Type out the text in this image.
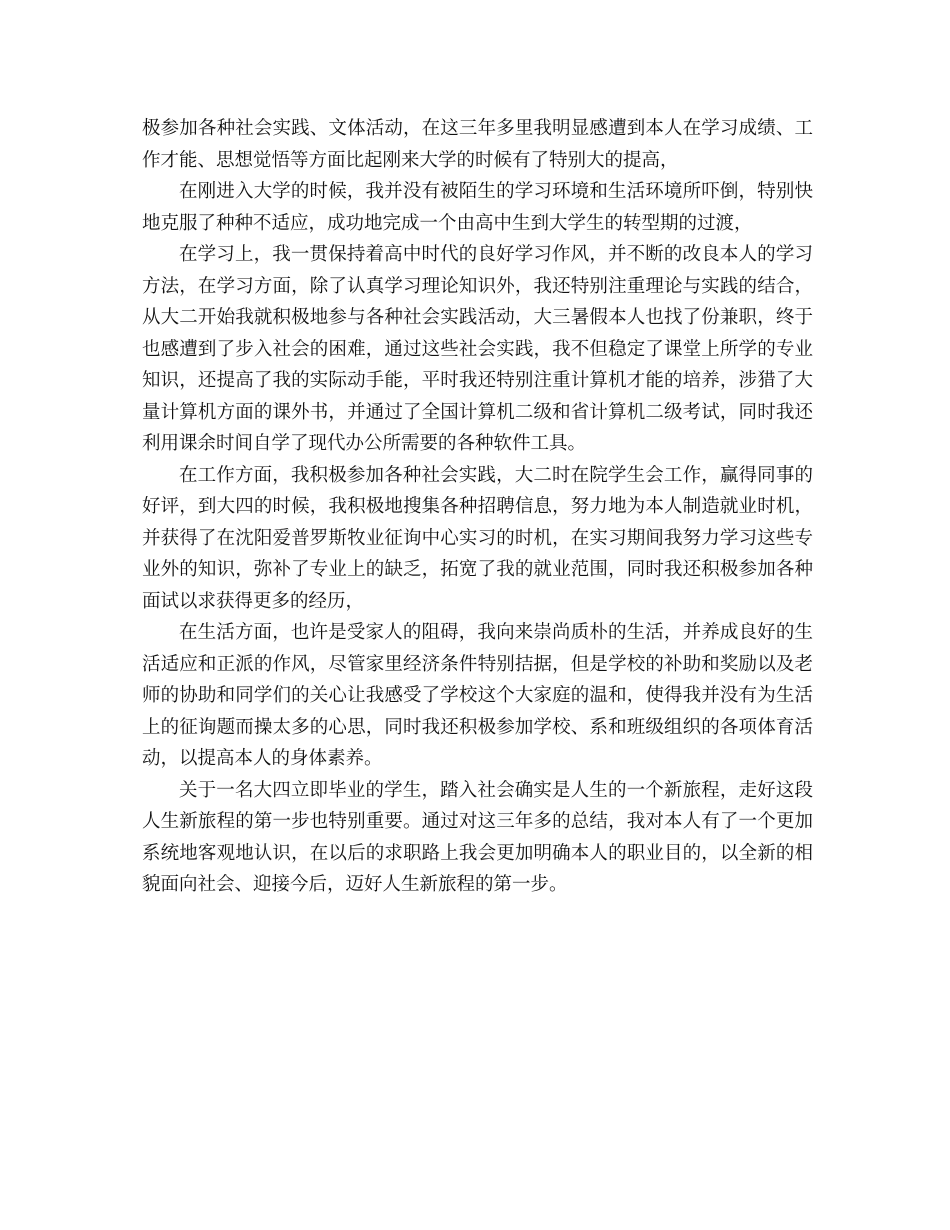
极参加各种社会实践、文体活动，在这三年多里我明显感遭到本人在学习成绩、工作才能、思想觉悟等方面比起刚来大学的时候有了特别大的提高，

在刚进入大学的时候，我并没有被陌生的学习环境和生活环境所吓倒，特别快地克服了种种不适应，成功地完成一个由高中生到大学生的转型期的过渡，

在学习上，我一贯保持着高中时代的良好学习作风，并不断的改良本人的学习方法，在学习方面，除了认真学习理论知识外，我还特别注重理论与实践的结合，从大二开始我就积极地参与各种社会实践活动，大三暑假本人也找了份兼职，终于也感遭到了步入社会的困难，通过这些社会实践，我不但稳定了课堂上所学的专业知识，还提高了我的实际动手能，平时我还特别注重计算机才能的培养，涉猎了大量计算机方面的课外书，并通过了全国计算机二级和省计算机二级考试，同时我还利用课余时间自学了现代办公所需要的各种软件工具。

在工作方面，我积极参加各种社会实践，大二时在院学生会工作，赢得同事的好评，到大四的时候，我积极地搜集各种招聘信息，努力地为本人制造就业时机，并获得了在沈阳爱普罗斯牧业征询中心实习的时机，在实习期间我努力学习这些专业外的知识，弥补了专业上的缺乏，拓宽了我的就业范围，同时我还积极参加各种面试以求获得更多的经历，

在生活方面，也许是受家人的阻碍，我向来崇尚质朴的生活，并养成良好的生活适应和正派的作风，尽管家里经济条件特别拮据，但是学校的补助和奖励以及老师的协助和同学们的关心让我感受了学校这个大家庭的温和，使得我并没有为生活上的征询题而操太多的心思，同时我还积极参加学校、系和班级组织的各项体育活动，以提高本人的身体素养。

关于一名大四立即毕业的学生，踏入社会确实是人生的一个新旅程，走好这段人生新旅程的第一步也特别重要。通过对这三年多的总结，我对本人有了一个更加系统地客观地认识，在以后的求职路上我会更加明确本人的职业目的，以全新的相貌面向社会、迎接今后，迈好人生新旅程的第一步。
